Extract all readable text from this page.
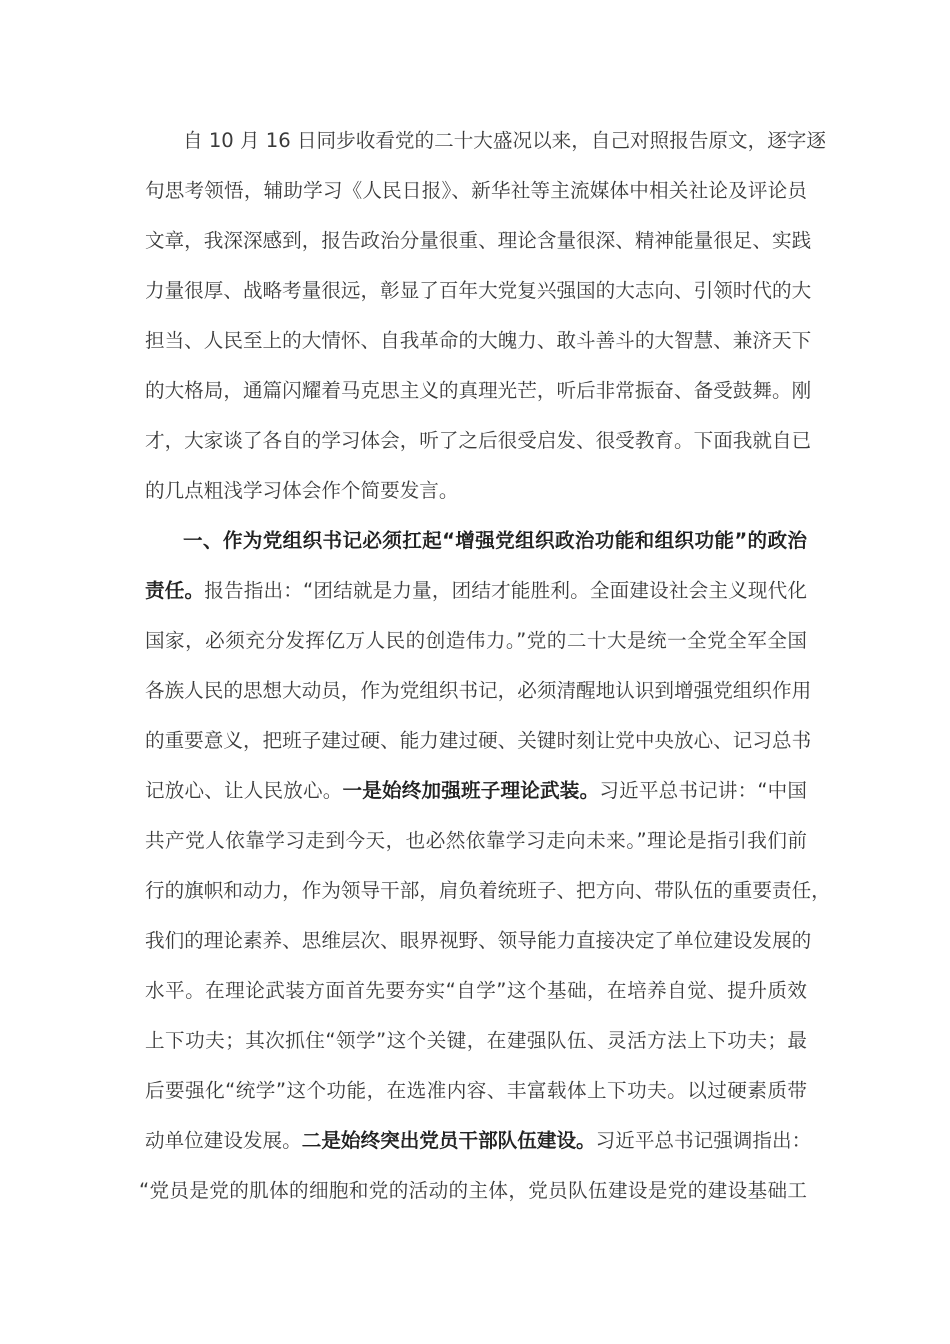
自 10 月 16 日同步收看党的二十大盛况以来，自己对照报告原文，逐字逐
句思考领悟，辅助学习《人民日报》、新华社等主流媒体中相关社论及评论员
文章，我深深感到，报告政治分量很重、理论含量很深、精神能量很足、实践
力量很厚、战略考量很远，彰显了百年大党复兴强国的大志向、引领时代的大
担当、人民至上的大情怀、自我革命的大魄力、敢斗善斗的大智慧、兼济天下
的大格局，通篇闪耀着马克思主义的真理光芒，听后非常振奋、备受鼓舞。刚
才，大家谈了各自的学习体会，听了之后很受启发、很受教育。下面我就自已
的几点粗浅学习体会作个简要发言。
一、作为党组织书记必须扛起“增强党组织政治功能和组织功能”的政治
责任。报告指出：“团结就是力量，团结才能胜利。全面建设社会主义现代化
国家，必须充分发挥亿万人民的创造伟力。”党的二十大是统一全党全军全国
各族人民的思想大动员，作为党组织书记，必须清醒地认识到增强党组织作用
的重要意义，把班子建过硬、能力建过硬、关键时刻让党中央放心、记习总书
记放心、让人民放心。一是始终加强班子理论武装。习近平总书记讲：“中国
共产党人依靠学习走到今天，也必然依靠学习走向未来。”理论是指引我们前
行的旗帜和动力，作为领导干部，肩负着统班子、把方向、带队伍的重要责任，
我们的理论素养、思维层次、眼界视野、领导能力直接决定了单位建设发展的
水平。在理论武装方面首先要夯实“自学”这个基础，在培养自觉、提升质效
上下功夫；其次抓住“领学”这个关键，在建强队伍、灵活方法上下功夫；最
后要强化“统学”这个功能，在选准内容、丰富载体上下功夫。以过硬素质带
动单位建设发展。二是始终突出党员干部队伍建设。习近平总书记强调指出：
“党员是党的肌体的细胞和党的活动的主体，党员队伍建设是党的建设基础工
